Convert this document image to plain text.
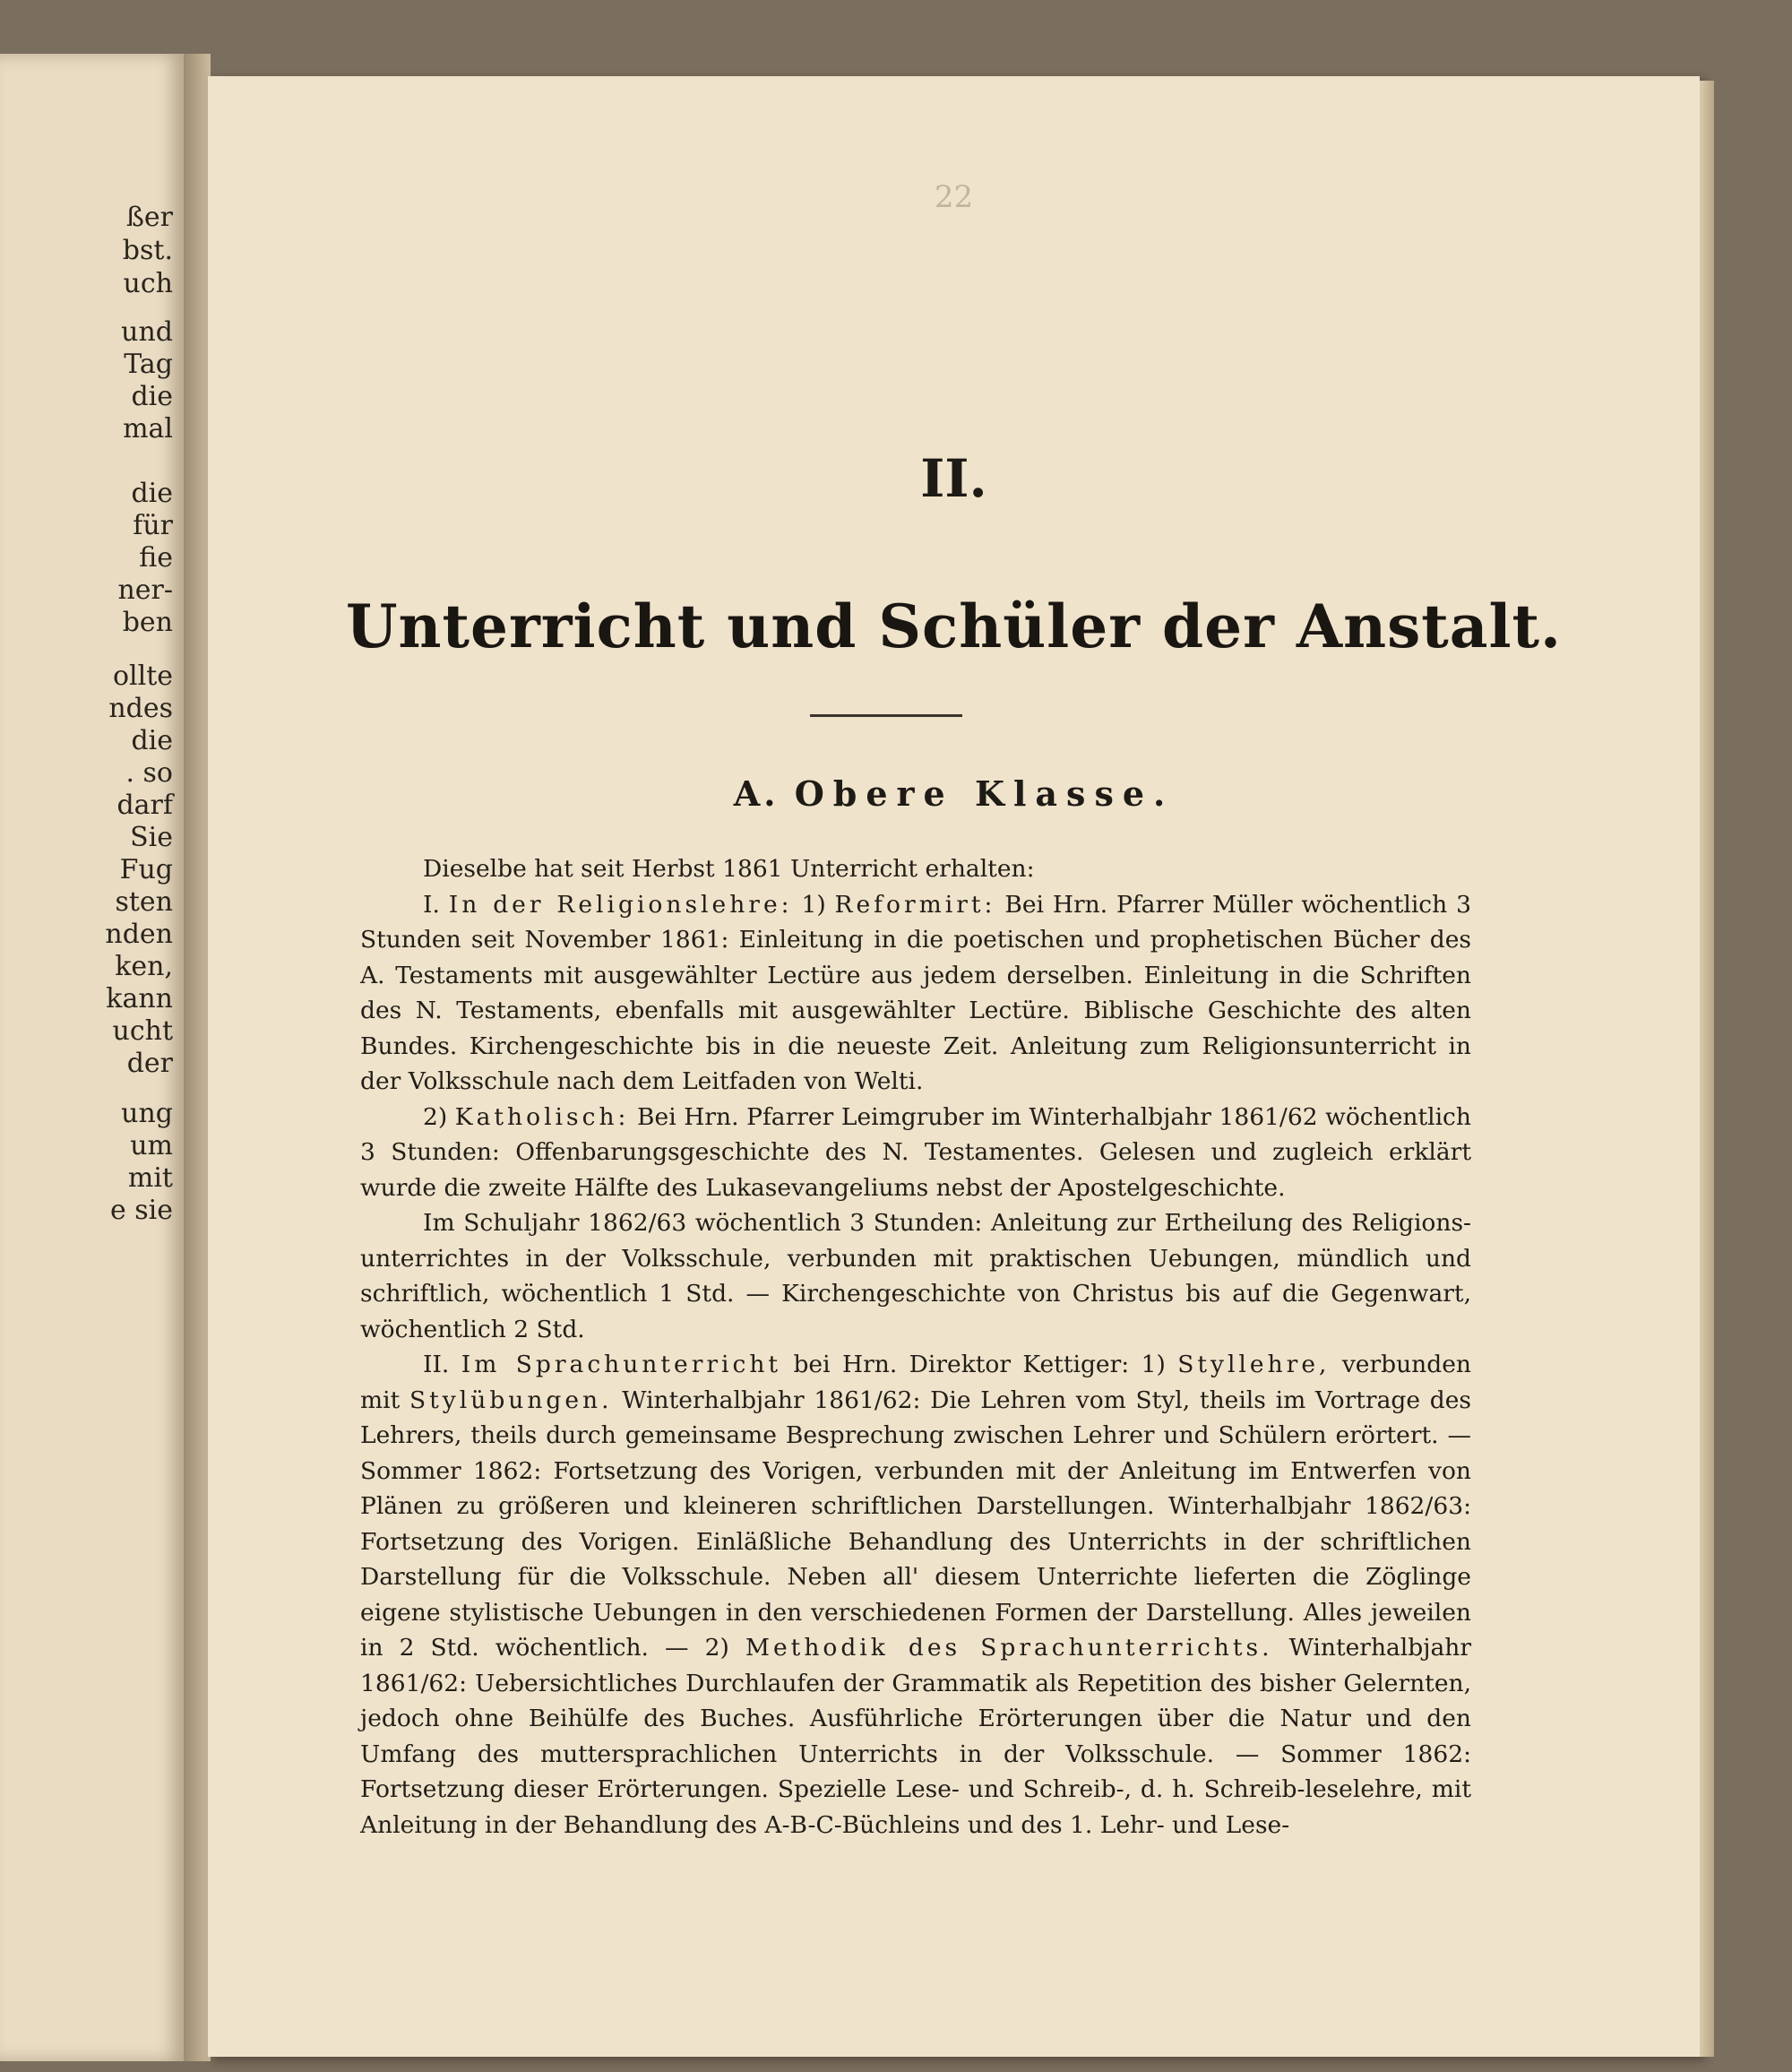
ßer
bst.
uch
und
Tag
die
mal
die
für
fie
ner-
ben
ollte
ndes
die
. so
darf
Sie
Fug
sten
nden
ken,
kann
ucht
der
ung
um
mit
e sie
22
II.
Unterricht und Schüler der Anstalt.
A. Obere Klasse.

Dieselbe hat seit Herbst 1861 Unterricht erhalten:

I. In der Religionslehre: 1) Reformirt: Bei Hrn. Pfarrer Müller wöchentlich 3 Stunden seit November 1861: Einleitung in die poetischen und prophetischen Bücher des A. Testaments mit ausgewählter Lectüre aus jedem derselben. Einleitung in die Schriften des N. Testaments, ebenfalls mit ausgewählter Lectüre. Biblische Geschichte des alten Bundes. Kirchengeschichte bis in die neueste Zeit. Anleitung zum Religionsunterricht in der Volksschule nach dem Leitfaden von Welti.

2) Katholisch: Bei Hrn. Pfarrer Leimgruber im Winterhalbjahr 1861/62 wöchentlich 3 Stunden: Offenbarungsgeschichte des N. Testamentes. Gelesen und zugleich erklärt wurde die zweite Hälfte des Lukasevangeliums nebst der Apostelgeschichte.

Im Schuljahr 1862/63 wöchentlich 3 Stunden: Anleitung zur Ertheilung des Religions-unterrichtes in der Volksschule, verbunden mit praktischen Uebungen, mündlich und schriftlich, wöchentlich 1 Std. — Kirchengeschichte von Christus bis auf die Gegenwart, wöchentlich 2 Std.

II. Im Sprachunterricht bei Hrn. Direktor Kettiger: 1) Styllehre, verbunden mit Stylübungen. Winterhalbjahr 1861/62: Die Lehren vom Styl, theils im Vortrage des Lehrers, theils durch gemeinsame Besprechung zwischen Lehrer und Schülern erörtert. — Sommer 1862: Fortsetzung des Vorigen, verbunden mit der Anleitung im Entwerfen von Plänen zu größeren und kleineren schriftlichen Darstellungen. Winterhalbjahr 1862/63: Fortsetzung des Vorigen. Einläßliche Behandlung des Unterrichts in der schriftlichen Darstellung für die Volksschule. Neben all' diesem Unterrichte lieferten die Zöglinge eigene stylistische Uebungen in den verschiedenen Formen der Darstellung. Alles jeweilen in 2 Std. wöchentlich. — 2) Methodik des Sprachunterrichts. Winterhalbjahr 1861/62: Uebersichtliches Durchlaufen der Grammatik als Repetition des bisher Gelernten, jedoch ohne Beihülfe des Buches. Ausführliche Erörterungen über die Natur und den Umfang des muttersprachlichen Unterrichts in der Volksschule. — Sommer 1862: Fortsetzung dieser Erörterungen. Spezielle Lese- und Schreib-, d. h. Schreib-leselehre, mit Anleitung in der Behandlung des A-B-C-Büchleins und des 1. Lehr- und Lese-
